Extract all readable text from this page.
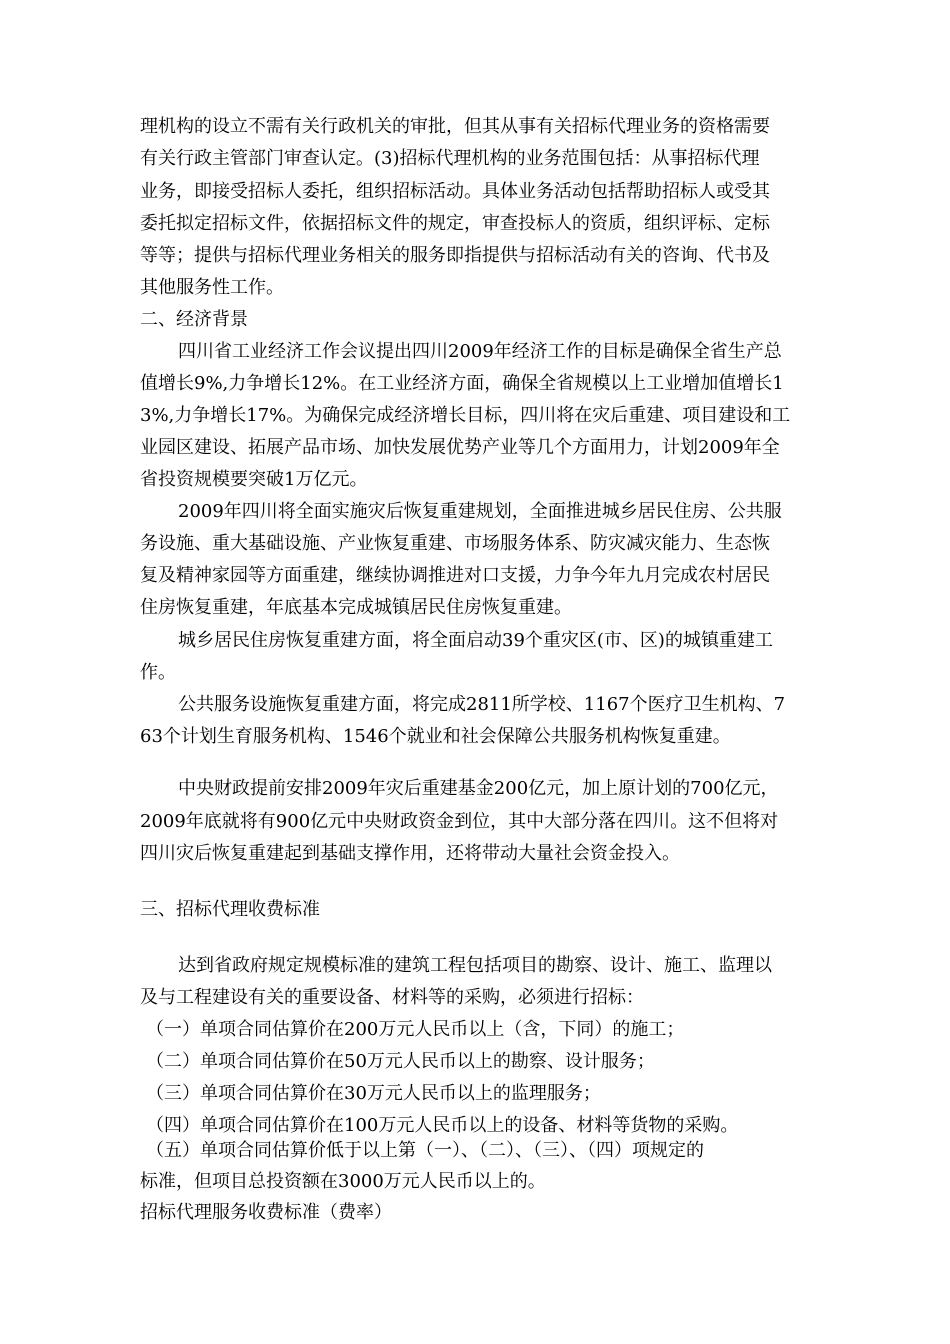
理机构的设立不需有关行政机关的审批，但其从事有关招标代理业务的资格需要
有关行政主管部门审查认定。(3)招标代理机构的业务范围包括：从事招标代理
业务，即接受招标人委托，组织招标活动。具体业务活动包括帮助招标人或受其
委托拟定招标文件，依据招标文件的规定，审查投标人的资质，组织评标、定标
等等；提供与招标代理业务相关的服务即指提供与招标活动有关的咨询、代书及
其他服务性工作。
二、经济背景
四川省工业经济工作会议提出四川2009年经济工作的目标是确保全省生产总
值增长9%,力争增长12%。在工业经济方面，确保全省规模以上工业增加值增长1
3%,力争增长17%。为确保完成经济增长目标，四川将在灾后重建、项目建设和工
业园区建设、拓展产品市场、加快发展优势产业等几个方面用力，计划2009年全
省投资规模要突破1万亿元。
2009年四川将全面实施灾后恢复重建规划，全面推进城乡居民住房、公共服
务设施、重大基础设施、产业恢复重建、市场服务体系、防灾减灾能力、生态恢
复及精神家园等方面重建，继续协调推进对口支援，力争今年九月完成农村居民
住房恢复重建，年底基本完成城镇居民住房恢复重建。
城乡居民住房恢复重建方面，将全面启动39个重灾区(市、区)的城镇重建工
作。
公共服务设施恢复重建方面，将完成2811所学校、1167个医疗卫生机构、7
63个计划生育服务机构、1546个就业和社会保障公共服务机构恢复重建。
中央财政提前安排2009年灾后重建基金200亿元，加上原计划的700亿元，
2009年底就将有900亿元中央财政资金到位，其中大部分落在四川。这不但将对
四川灾后恢复重建起到基础支撑作用，还将带动大量社会资金投入。
三、招标代理收费标准
达到省政府规定规模标准的建筑工程包括项目的勘察、设计、施工、监理以
及与工程建设有关的重要设备、材料等的采购，必须进行招标：
（一）单项合同估算价在200万元人民币以上（含，下同）的施工；
（二）单项合同估算价在50万元人民币以上的勘察、设计服务；
（三）单项合同估算价在30万元人民币以上的监理服务；
（四）单项合同估算价在100万元人民币以上的设备、材料等货物的采购。
（五）单项合同估算价低于以上第（一）、（二）、（三）、（四）项规定的
标准，但项目总投资额在3000万元人民币以上的。
招标代理服务收费标准（费率）
